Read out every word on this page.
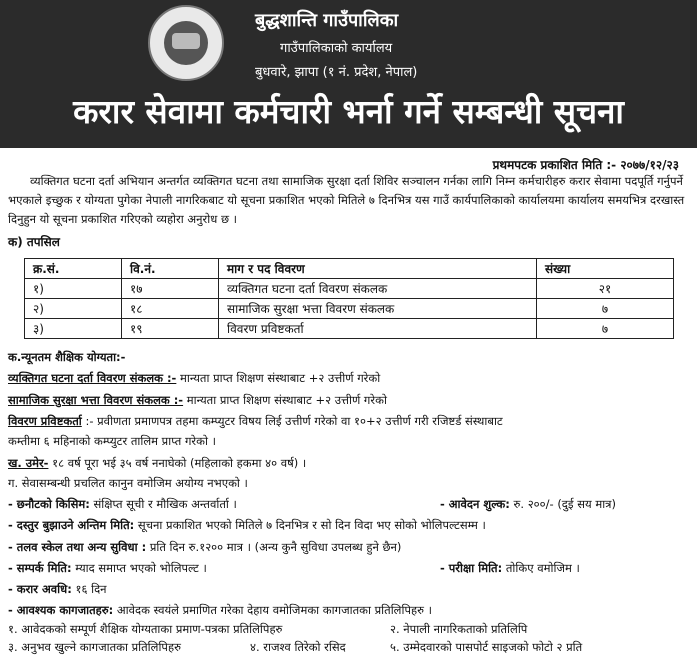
बुद्धशान्ति गाउँपालिका
गाउँपालिकाको कार्यालय
बुधवारे, झापा (१ नं. प्रदेश, नेपाल)
करार सेवामा कर्मचारी भर्ना गर्ने सम्बन्धी सूचना
प्रथमपटक प्रकाशित मिति :- २०७७/१२/२३
व्यक्तिगत घटना दर्ता अभियान अन्तर्गत व्यक्तिगत घटना तथा सामाजिक सुरक्षा दर्ता शिविर सञ्चालन गर्नका लागि निम्न कर्मचारीहरु करार सेवामा पदपूर्ति गर्नुपर्ने भएकाले इच्छुक र योग्यता पुगेका नेपाली नागरिकबाट यो सूचना प्रकाशित भएको मितिले ७ दिनभित्र यस गाउँ कार्यपालिकाको कार्यालयमा कार्यालय समयभित्र दरखास्त दिनुहुन यो सूचना प्रकाशित गरिएको व्यहोरा अनुरोध छ ।
क) तपसिल
क्र.सं.	वि.नं.	माग र पद विवरण	संख्या
१)	१७	व्यक्तिगत घटना दर्ता विवरण संकलक	२१
२)	१८	सामाजिक सुरक्षा भत्ता विवरण संकलक	७
३)	१९	विवरण प्रविष्टकर्ता	७
क.न्यूनतम शैक्षिक योग्यता:-
व्यक्तिगत घटना दर्ता विवरण संकलक :- मान्यता प्राप्त शिक्षण संस्थाबाट +२ उत्तीर्ण गरेको
सामाजिक सुरक्षा भत्ता विवरण संकलक :- मान्यता प्राप्त शिक्षण संस्थाबाट +२ उत्तीर्ण गरेको
विवरण प्रविष्टकर्ता :- प्रवीणता प्रमाणपत्र तहमा कम्प्युटर विषय लिई उत्तीर्ण गरेको वा १०+२ उत्तीर्ण गरी रजिष्टर्ड संस्थाबाट
कम्तीमा ६ महिनाको कम्प्युटर तालिम प्राप्त गरेको ।
ख. उमेर- १८ वर्ष पूरा भई ३५ वर्ष ननाघेको (महिलाको हकमा ४० वर्ष) ।
ग. सेवासम्बन्धी प्रचलित कानुन वमोजिम अयोग्य नभएको ।
- छनौटको किसिम: संक्षिप्त सूची र मौखिक अन्तर्वार्ता ।	- आवेदन शुल्क: रु. २००/- (दुई सय मात्र)
- दस्तुर बुझाउने अन्तिम मिति: सूचना प्रकाशित भएको मितिले ७ दिनभित्र र सो दिन विदा भए सोको भोलिपल्टसम्म ।
- तलव स्केल तथा अन्य सुविधा : प्रति दिन रु.१२०० मात्र । (अन्य कुनै सुविधा उपलब्ध हुने छैन)
- सम्पर्क मिति: म्याद समाप्त भएको भोलिपल्ट ।	- परीक्षा मिति: तोकिए वमोजिम ।
- करार अवधि: १६ दिन
- आवश्यक कागजातहरु: आवेदक स्वयंले प्रमाणित गरेका देहाय वमोजिमका कागजातका प्रतिलिपिहरु ।
१. आवेदकको सम्पूर्ण शैक्षिक योग्यताका प्रमाण-पत्रका प्रतिलिपिहरु	२. नेपाली नागरिकताको प्रतिलिपि
३. अनुभव खुल्ने कागजातका प्रतिलिपिहरु	४. राजश्व तिरेको रसिद	५. उम्मेदवारको पासपोर्ट साइजको फोटो २ प्रति
